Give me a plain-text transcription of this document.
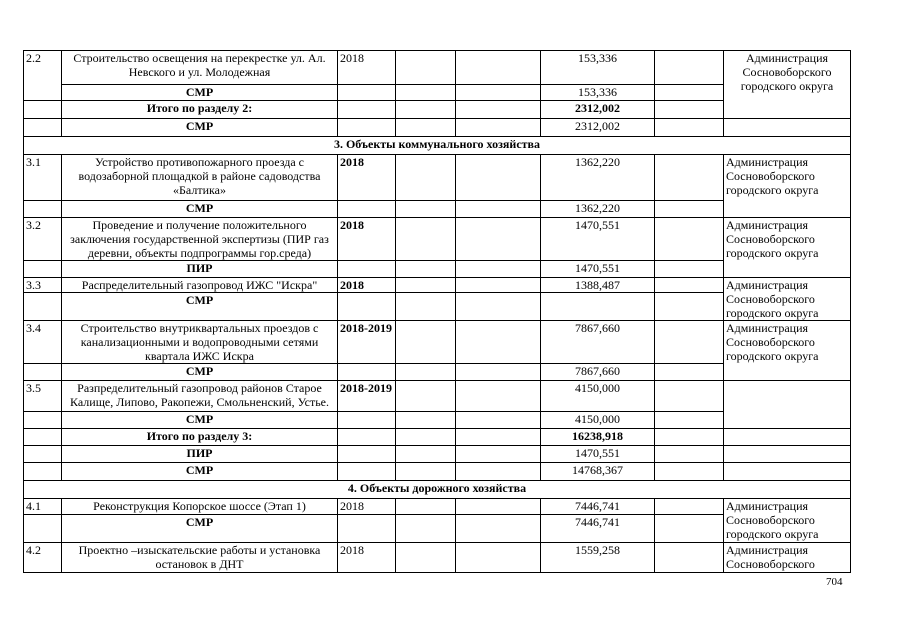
2.2	Строительство освещения на перекрестке ул. Ал. Невского и ул. Молодежная	2018			153,336		Администрация Сосновоборского городского округа
	СМР				153,336		
	Итого по разделу 2:				2312,002		
	СМР				2312,002		
3. Объекты коммунального хозяйства							
3.1	Устройство противопожарного проезда с водозаборной площадкой в районе садоводства «Балтика»	2018			1362,220		Администрация Сосновоборского городского округа
	СМР				1362,220		
3.2	Проведение и получение положительного заключения государственной экспертизы (ПИР газ деревни, объекты подпрограммы гор.среда)	2018			1470,551		Администрация Сосновоборского городского округа
	ПИР				1470,551		
3.3	Распределительный газопровод ИЖС "Искра"	2018			1388,487		Администрация Сосновоборского городского округа
	СМР						
3.4	Строительство внутриквартальных проездов с канализационными и водопроводными сетями квартала ИЖС Искра	2018-2019			7867,660		Администрация Сосновоборского городского округа
	СМР				7867,660		
3.5	Разпределительный газопровод районов Старое Калище, Липово, Ракопежи, Смольненский, Устье.	2018-2019			4150,000		
	СМР				4150,000		
	Итого по разделу 3:				16238,918		
	ПИР				1470,551		
	СМР				14768,367		
4. Объекты дорожного хозяйства							
4.1	Реконструкция Копорское шоссе (Этап 1)	2018			7446,741		Администрация Сосновоборского городского округа
	СМР				7446,741		
4.2	Проектно –изыскательские работы и установка остановок в ДНТ	2018			1559,258		Администрация Сосновоборского
704
